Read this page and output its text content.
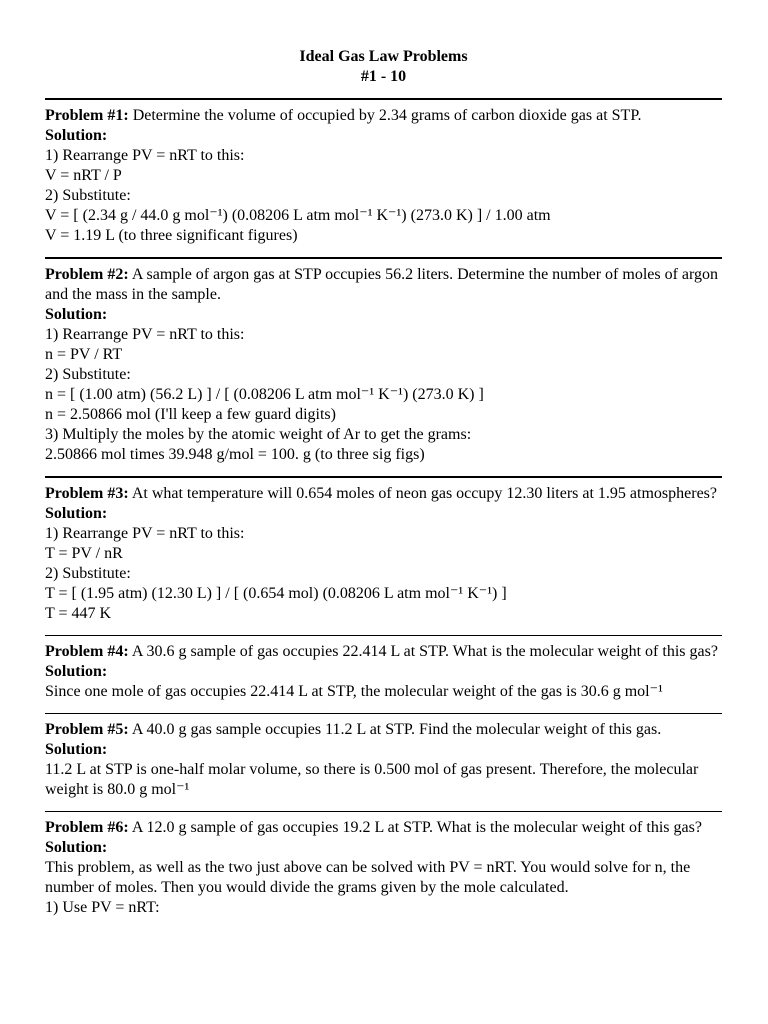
Ideal Gas Law Problems
#1 - 10
Problem #1: Determine the volume of occupied by 2.34 grams of carbon dioxide gas at STP.
Solution:
1) Rearrange PV = nRT to this:
V = nRT / P
2) Substitute:
V = [ (2.34 g / 44.0 g mol⁻¹) (0.08206 L atm mol⁻¹ K⁻¹) (273.0 K) ] / 1.00 atm
V = 1.19 L (to three significant figures)
Problem #2: A sample of argon gas at STP occupies 56.2 liters. Determine the number of moles of argon and the mass in the sample.
Solution:
1) Rearrange PV = nRT to this:
n = PV / RT
2) Substitute:
n = [ (1.00 atm) (56.2 L) ] / [ (0.08206 L atm mol⁻¹ K⁻¹) (273.0 K) ]
n = 2.50866 mol (I'll keep a few guard digits)
3) Multiply the moles by the atomic weight of Ar to get the grams:
2.50866 mol times 39.948 g/mol = 100. g (to three sig figs)
Problem #3: At what temperature will 0.654 moles of neon gas occupy 12.30 liters at 1.95 atmospheres?
Solution:
1) Rearrange PV = nRT to this:
T = PV / nR
2) Substitute:
T = [ (1.95 atm) (12.30 L) ] / [ (0.654 mol) (0.08206 L atm mol⁻¹ K⁻¹) ]
T = 447 K
Problem #4: A 30.6 g sample of gas occupies 22.414 L at STP. What is the molecular weight of this gas?
Solution:
Since one mole of gas occupies 22.414 L at STP, the molecular weight of the gas is 30.6 g mol⁻¹
Problem #5: A 40.0 g gas sample occupies 11.2 L at STP. Find the molecular weight of this gas.
Solution:
11.2 L at STP is one-half molar volume, so there is 0.500 mol of gas present. Therefore, the molecular weight is 80.0 g mol⁻¹
Problem #6: A 12.0 g sample of gas occupies 19.2 L at STP. What is the molecular weight of this gas?
Solution:
This problem, as well as the two just above can be solved with PV = nRT. You would solve for n, the number of moles. Then you would divide the grams given by the mole calculated.
1) Use PV = nRT:
